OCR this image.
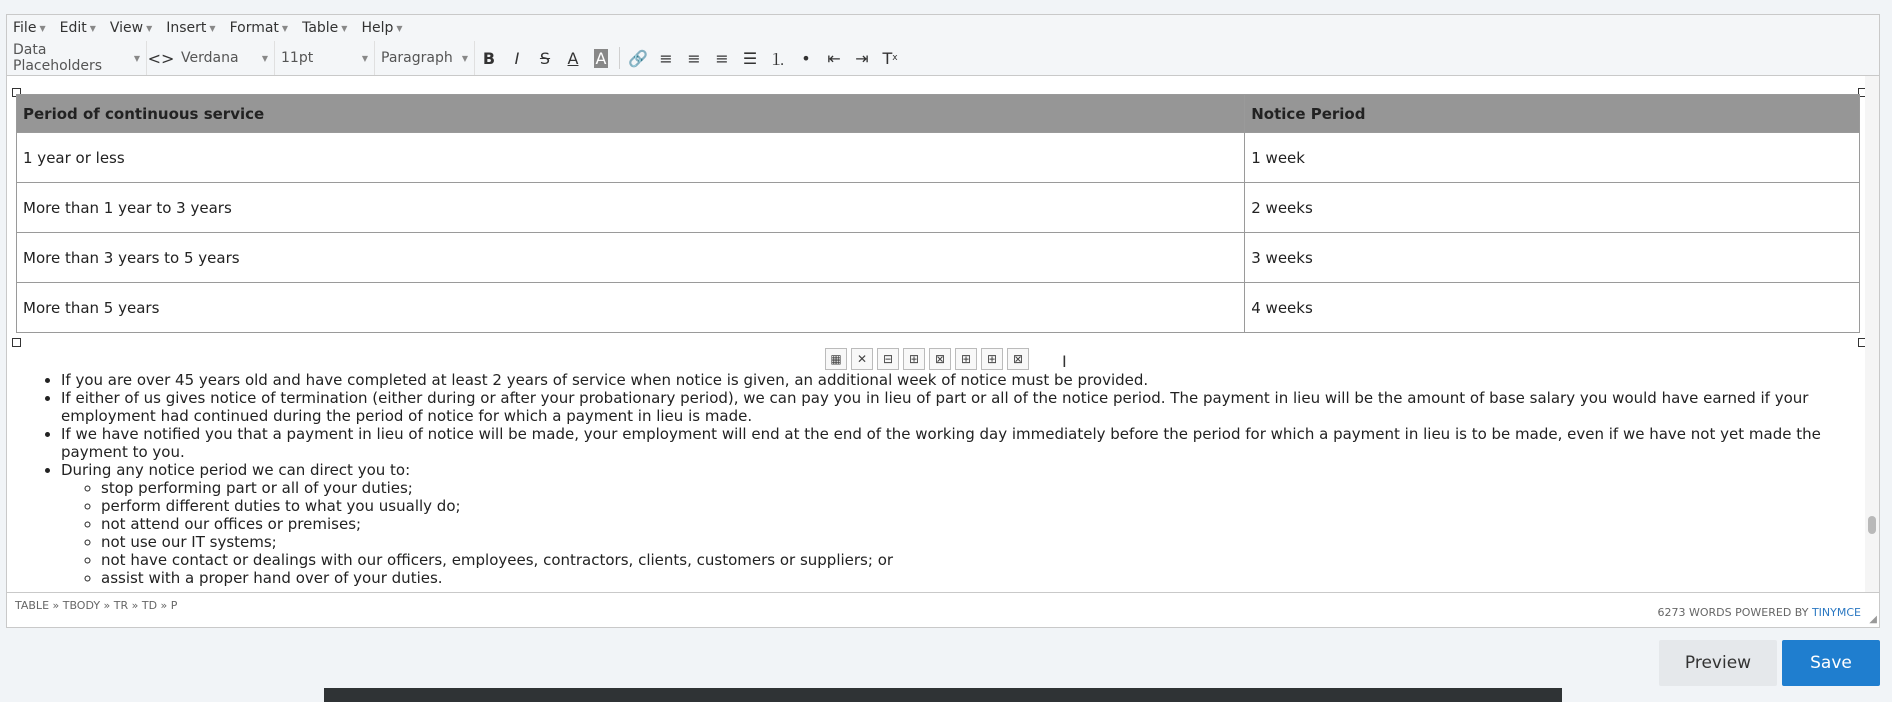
File ▼ Edit ▼ View ▼ Insert ▼ Format ▼ Table ▼ Help ▼
Data Placeholders	▼ <> Verdana	▼ 11pt	▼ Paragraph ▼ B I S A A 🔗 ≡ ≡ ≡ ☰ ⒈ •	⇤ ⇥ T x
Period of continuous service	Notice Period
1 year or less	1 week
More than 1 year to 3 years	2 weeks
More than 3 years to 5 years	3 weeks
More than 5 years	4 weeks
▦	✕	⊟	⊞	⊠	⊞	⊞	⊠
• If you are over 45 years old and have completed at least 2 years of service when notice is given, an additional week of notice must be provided.
• If either of us gives notice of termination (either during or after your probationary period), we can pay you in lieu of part or all of the notice period. The payment in lieu will be the amount of base salary you would have earned if your employment had continued during the period of notice for which a payment in lieu is made.
• If we have notified you that a payment in lieu of notice will be made, your employment will end at the end of the working day immediately before the period for which a payment in lieu is to be made, even if we have not yet made the payment to you.
• During any notice period we can direct you to:
◦ stop performing part or all of your duties;
◦ perform different duties to what you usually do;
◦ not attend our offices or premises;
◦ not use our IT systems;
◦ not have contact or dealings with our officers, employees, contractors, clients, customers or suppliers; or
◦ assist with a proper hand over of your duties.
I
TABLE » TBODY » TR » TD » P
6273 WORDS POWERED BY TINYMCE
◢
Preview	Save
